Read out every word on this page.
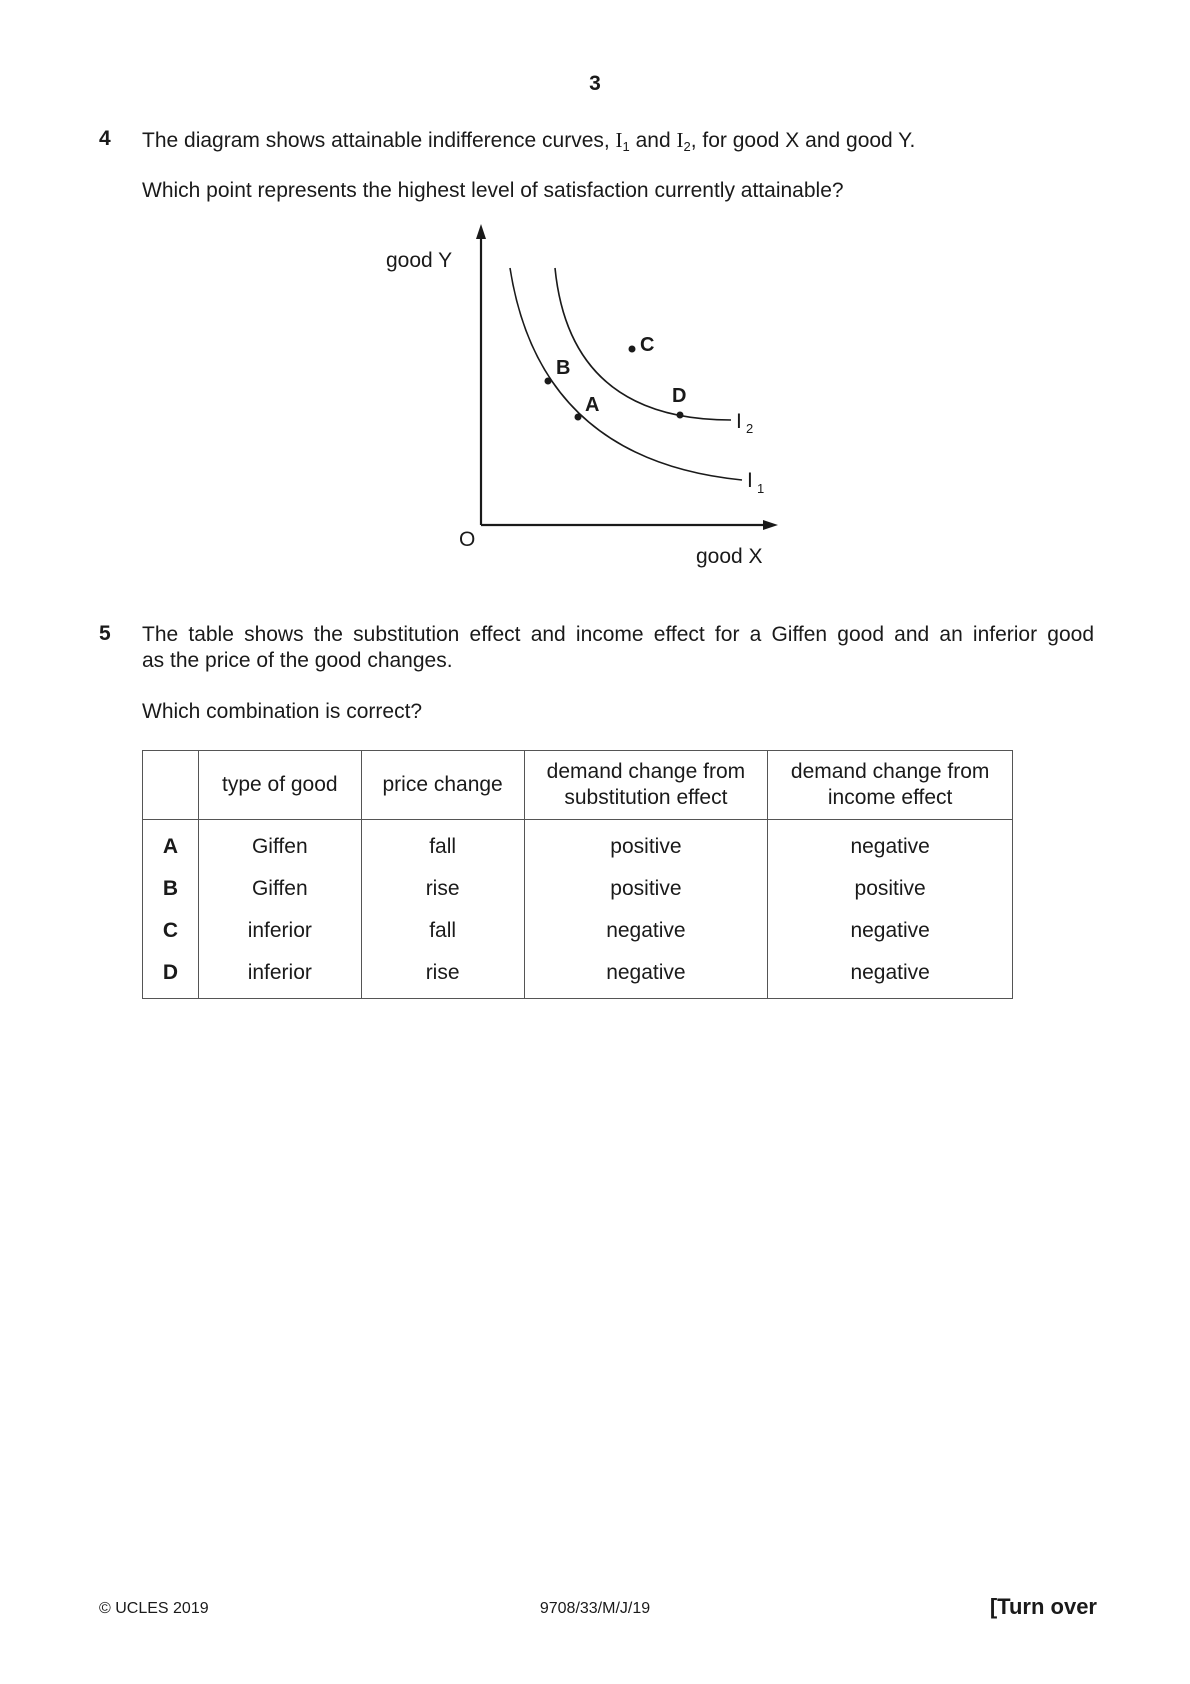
3
4 The diagram shows attainable indifference curves, $I_1$ and $I_2$, for good X and good Y.
Which point represents the highest level of satisfaction currently attainable?
B
A
C
D
I 2
I 1
good Y
good X
O
5 The table shows the substitution effect and income effect for a Giffen good and an inferior good
as the price of the good changes.
Which combination is correct?
	type of good	price change	demand change from substitution effect	demand change from income effect
A	Giffen	fall	positive	negative
B	Giffen	rise	positive	positive
C	inferior	fall	negative	negative
D	inferior	rise	negative	negative
© UCLES 2019	9708/33/M/J/19	[Turn over
